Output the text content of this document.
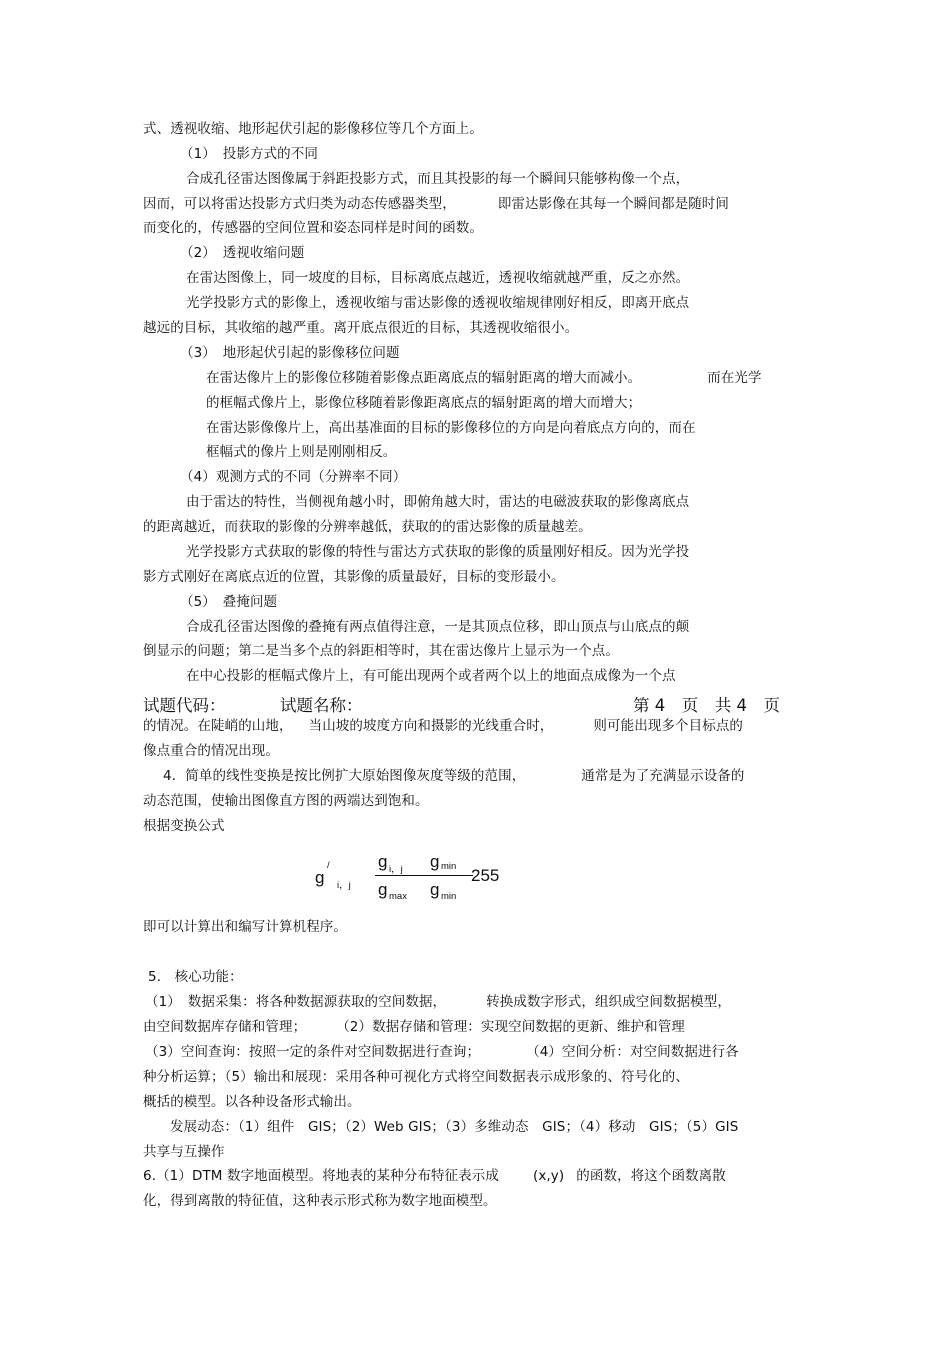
式、透视收缩、地形起伏引起的影像移位等几个方面上。
（1）　投影方式的不同
合成孔径雷达图像属于斜距投影方式，而且其投影的每一个瞬间只能够构像一个点，
因而，可以将雷达投影方式归类为动态传感器类型，	即雷达影像在其每一个瞬间都是随时间
而变化的，传感器的空间位置和姿态同样是时间的函数。
（2）　透视收缩问题
在雷达图像上，同一坡度的目标，目标离底点越近，透视收缩就越严重，反之亦然。
光学投影方式的影像上，透视收缩与雷达影像的透视收缩规律刚好相反，即离开底点
越远的目标，其收缩的越严重。离开底点很近的目标，其透视收缩很小。
（3）　地形起伏引起的影像移位问题
在雷达像片上的影像位移随着影像点距离底点的辐射距离的增大而减小。	而在光学
的框幅式像片上，影像位移随着影像距离底点的辐射距离的增大而增大；
在雷达影像像片上，高出基准面的目标的影像移位的方向是向着底点方向的，而在
框幅式的像片上则是刚刚相反。
（4）观测方式的不同（分辨率不同）
由于雷达的特性，当侧视角越小时，即俯角越大时，雷达的电磁波获取的影像离底点
的距离越近，而获取的影像的分辨率越低，获取的的雷达影像的质量越差。
光学投影方式获取的影像的特性与雷达方式获取的影像的质量刚好相反。因为光学投
影方式刚好在离底点近的位置，其影像的质量最好，目标的变形最小。
（5）　叠掩问题
合成孔径雷达图像的叠掩有两点值得注意，一是其顶点位移，即山顶点与山底点的颠
倒显示的问题；第二是当多个点的斜距相等时，其在雷达像片上显示为一个点。
在中心投影的框幅式像片上，有可能出现两个或者两个以上的地面点成像为一个点
试题代码：	试题名称：	第 4　页　共 4　页
的情况。在陡峭的山地， 当山坡的坡度方向和摄影的光线重合时，	则可能出现多个目标点的
像点重合的情况出现。
4．简单的线性变换是按比例扩大原始图像灰度等级的范围，	通常是为了充满显示设备的
动态范围，使输出图像直方图的两端达到饱和。
根据变换公式
g
/
i，j
g i，j g min
g max g min
255
即可以计算出和编写计算机程序。
5.　核心功能：
（1）　数据采集：将各种数据源获取的空间数据，	转换成数字形式，组织成空间数据模型，
由空间数据库存储和管理； （2）数据存储和管理：实现空间数据的更新、维护和管理
（3）空间查询：按照一定的条件对空间数据进行查询；	（4）空间分析：对空间数据进行各
种分析运算；（5）输出和展现：采用各种可视化方式将空间数据表示成形象的、符号化的、
概括的模型。以各种设备形式输出。
发展动态：（1）组件　GIS；（2）Web GIS；（3）多维动态　GIS；（4）移动　GIS；（5）GIS
共享与互操作
6.（1）DTM 数字地面模型。将地表的某种分布特征表示成	(x,y) 的函数，将这个函数离散
化，得到离散的特征值，这种表示形式称为数字地面模型。
